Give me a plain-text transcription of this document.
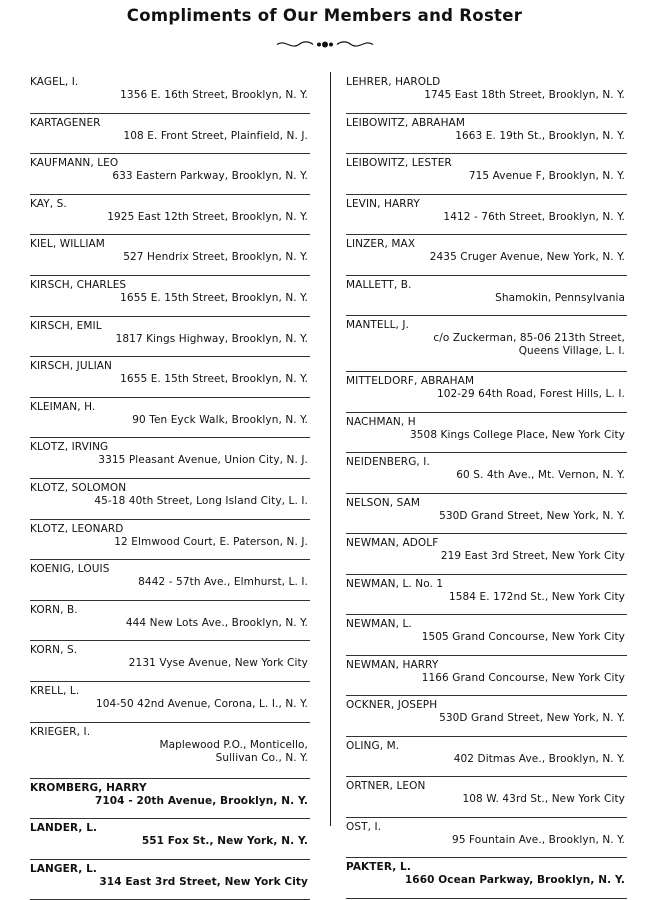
Compliments of Our Members and Roster
KAGEL, I.
1356 E. 16th Street, Brooklyn, N. Y.
KARTAGENER
108 E. Front Street, Plainfield, N. J.
KAUFMANN, LEO
633 Eastern Parkway, Brooklyn, N. Y.
KAY, S.
1925 East 12th Street, Brooklyn, N. Y.
KIEL, WILLIAM
527 Hendrix Street, Brooklyn, N. Y.
KIRSCH, CHARLES
1655 E. 15th Street, Brooklyn, N. Y.
KIRSCH, EMIL
1817 Kings Highway, Brooklyn, N. Y.
KIRSCH, JULIAN
1655 E. 15th Street, Brooklyn, N. Y.
KLEIMAN, H.
90 Ten Eyck Walk, Brooklyn, N. Y.
KLOTZ, IRVING
3315 Pleasant Avenue, Union City, N. J.
KLOTZ, SOLOMON
45-18 40th Street, Long Island City, L. I.
KLOTZ, LEONARD
12 Elmwood Court, E. Paterson, N. J.
KOENIG, LOUIS
8442 - 57th Ave., Elmhurst, L. I.
KORN, B.
444 New Lots Ave., Brooklyn, N. Y.
KORN, S.
2131 Vyse Avenue, New York City
KRELL, L.
104-50 42nd Avenue, Corona, L. I., N. Y.
KRIEGER, I.
Maplewood P.O., Monticello,
Sullivan Co., N. Y.
KROMBERG, HARRY
7104 - 20th Avenue, Brooklyn, N. Y.
LANDER, L.
551 Fox St., New York, N. Y.
LANGER, L.
314 East 3rd Street, New York City
LEHRER, HAROLD
1745 East 18th Street, Brooklyn, N. Y.
LEIBOWITZ, ABRAHAM
1663 E. 19th St., Brooklyn, N. Y.
LEIBOWITZ, LESTER
715 Avenue F, Brooklyn, N. Y.
LEVIN, HARRY
1412 - 76th Street, Brooklyn, N. Y.
LINZER, MAX
2435 Cruger Avenue, New York, N. Y.
MALLETT, B.
Shamokin, Pennsylvania
MANTELL, J.
c/o Zuckerman, 85-06 213th Street,
Queens Village, L. I.
MITTELDORF, ABRAHAM
102-29 64th Road, Forest Hills, L. I.
NACHMAN, H
3508 Kings College Place, New York City
NEIDENBERG, I.
60 S. 4th Ave., Mt. Vernon, N. Y.
NELSON, SAM
530D Grand Street, New York, N. Y.
NEWMAN, ADOLF
219 East 3rd Street, New York City
NEWMAN, L. No. 1
1584 E. 172nd St., New York City
NEWMAN, L.
1505 Grand Concourse, New York City
NEWMAN, HARRY
1166 Grand Concourse, New York City
OCKNER, JOSEPH
530D Grand Street, New York, N. Y.
OLING, M.
402 Ditmas Ave., Brooklyn, N. Y.
ORTNER, LEON
108 W. 43rd St., New York City
OST, I.
95 Fountain Ave., Brooklyn, N. Y.
PAKTER, L.
1660 Ocean Parkway, Brooklyn, N. Y.
